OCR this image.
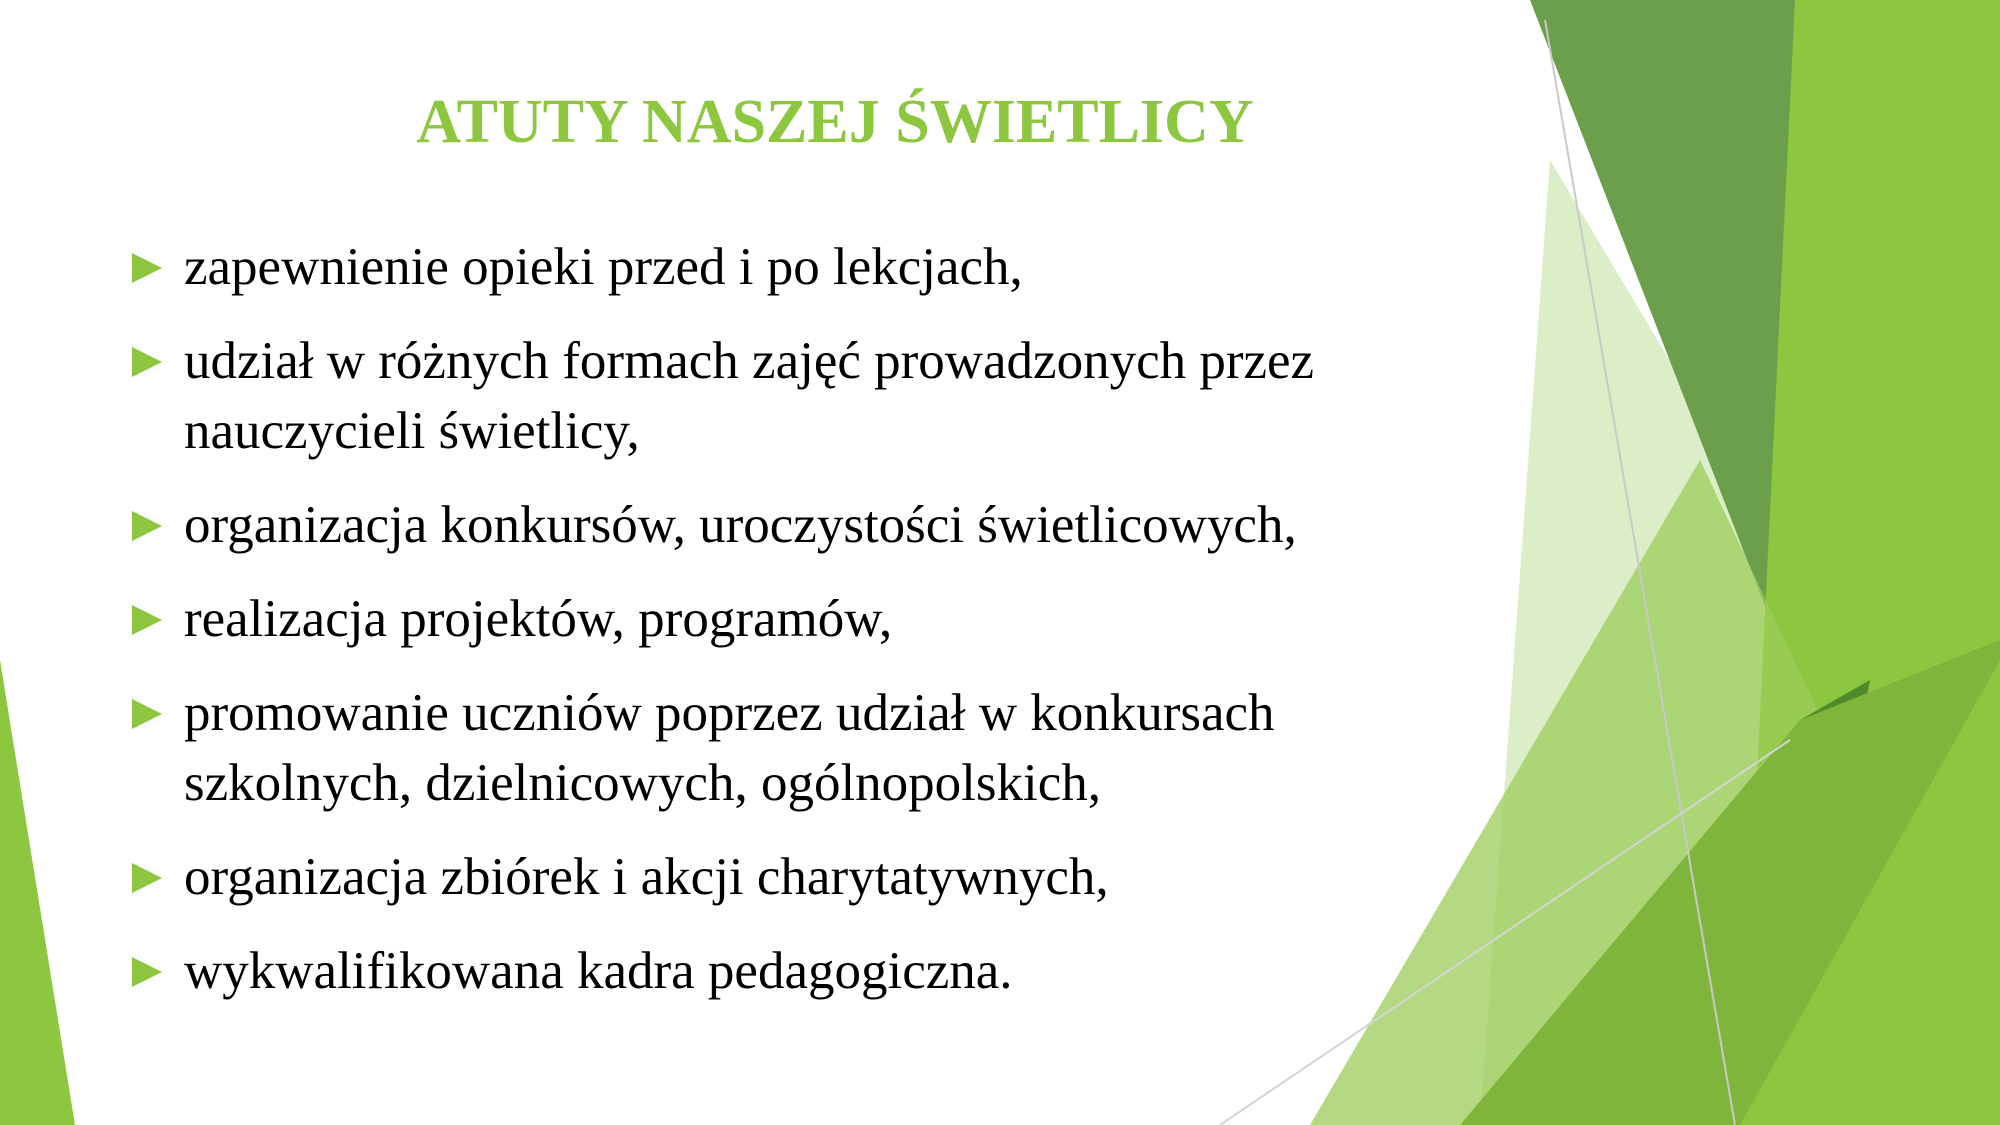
ATUTY NASZEJ ŚWIETLICY
zapewnienie opieki przed i po lekcjach,
udział w różnych formach zajęć prowadzonych przez nauczycieli świetlicy,
organizacja konkursów, uroczystości świetlicowych,
realizacja projektów, programów,
promowanie uczniów poprzez udział w konkursach szkolnych, dzielnicowych, ogólnopolskich,
organizacja zbiórek i akcji charytatywnych,
wykwalifikowana kadra pedagogiczna.
